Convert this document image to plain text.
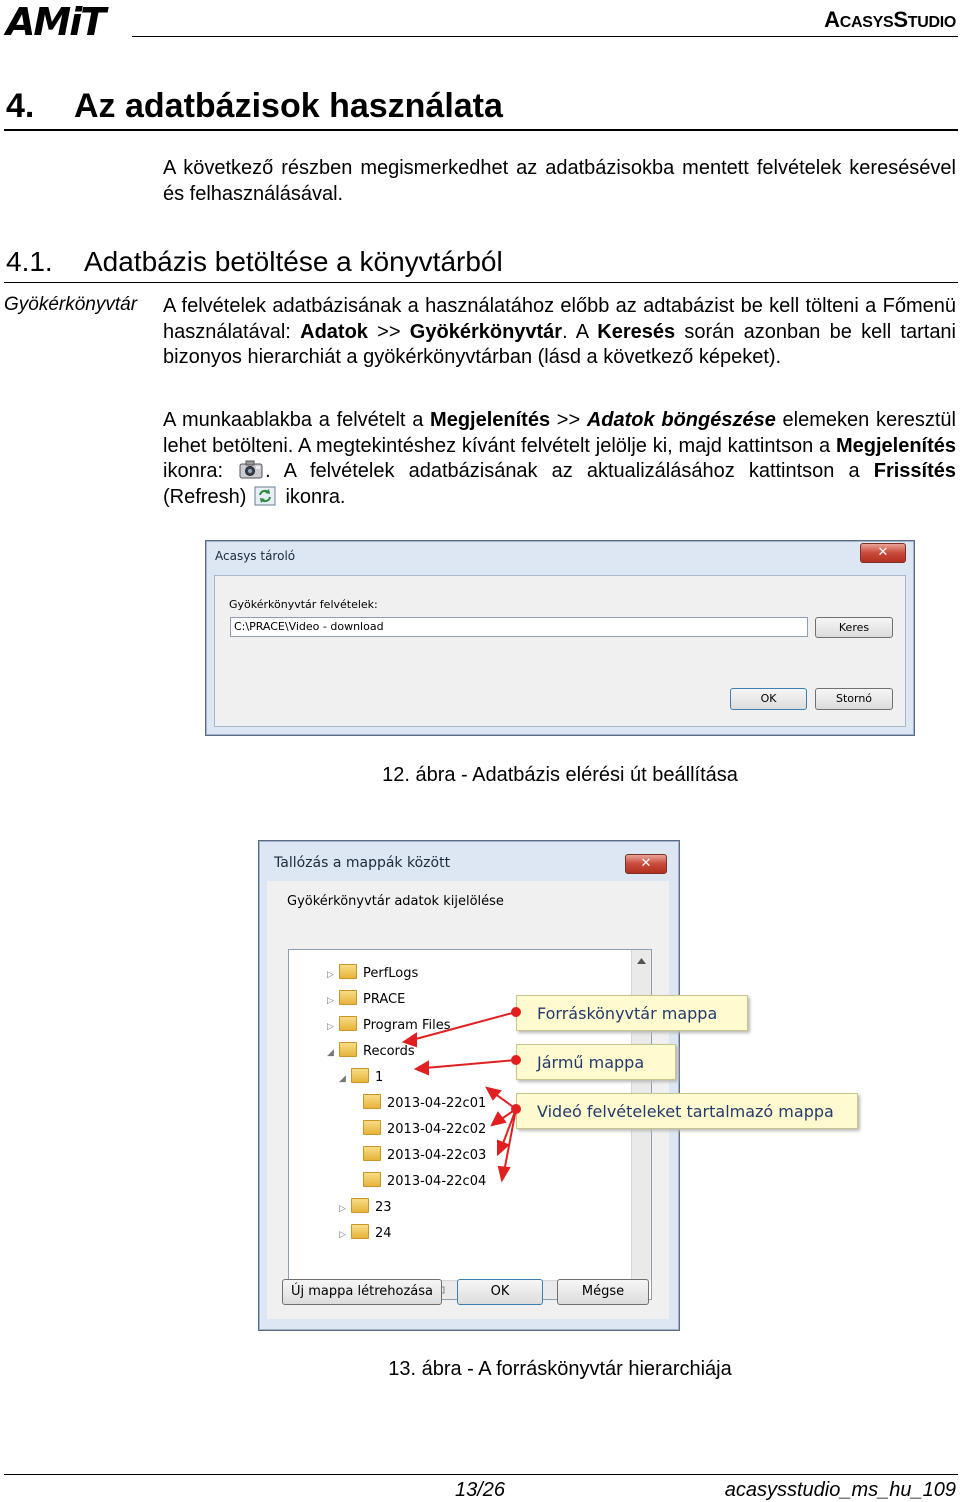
AMiT	ACASYSSTUDIO
4. Az adatbázisok használata
A következő részben megismerkedhet az adatbázisokba mentett felvételek keresésével és felhasználásával.
4.1. Adatbázis betöltése a könyvtárból
Gyökérkönyvtár A felvételek adatbázisának a használatához előbb az adtabázist be kell tölteni a Főmenü használatával: Adatok >> Gyökérkönyvtár. A Keresés során azonban be kell tartani bizonyos hierarchiát a gyökérkönyvtárban (lásd a következő képeket).
A munkaablakba a felvételt a Megjelenítés >> Adatok böngészése elemeken keresztül lehet betölteni. A megtekintéshez kívánt felvételt jelölje ki, majd kattintson a Megjelenítés ikonra: . A felvételek adatbázisának az aktualizálásához kattintson a Frissítés (Refresh)  ikonra.
Acasys tároló	✕
Gyökérkönyvtár felvételek:
C:\PRACE\Video - download	Keres
OK	Stornó
12. ábra - Adatbázis elérési út beállítása
Tallózás a mappák között	✕
Gyökérkönyvtár adatok kijelölése
▷ PerfLogs
▷ PRACE
▷ Program Files
◢ Records
◢ 1
2013-04-22c01
2013-04-22c02
2013-04-22c03
2013-04-22c04
▷ 23
▷ 24
Új mappa létrehozása	OK	Mégse
Forráskönyvtár mappa
Jármű mappa
Videó felvételeket tartalmazó mappa
13. ábra - A forráskönyvtár hierarchiája
13/26	acasysstudio_ms_hu_109
